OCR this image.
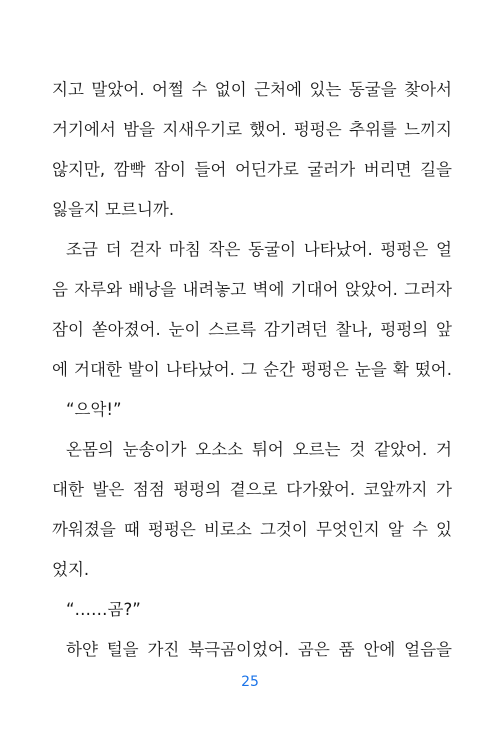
지고 말았어. 어쩔 수 없이 근처에 있는 동굴을 찾아서
거기에서 밤을 지새우기로 했어. 펑펑은 추위를 느끼지
않지만, 깜빡 잠이 들어 어딘가로 굴러가 버리면 길을
잃을지 모르니까.
조금 더 걷자 마침 작은 동굴이 나타났어. 펑펑은 얼
음 자루와 배낭을 내려놓고 벽에 기대어 앉았어. 그러자
잠이 쏟아졌어. 눈이 스르륵 감기려던 찰나, 펑펑의 앞
에 거대한 발이 나타났어. 그 순간 펑펑은 눈을 확 떴어.
“으악!”
온몸의 눈송이가 오소소 튀어 오르는 것 같았어. 거
대한 발은 점점 펑펑의 곁으로 다가왔어. 코앞까지 가
까워졌을 때 펑펑은 비로소 그것이 무엇인지 알 수 있
었지.
“……곰?”
하얀 털을 가진 북극곰이었어. 곰은 품 안에 얼음을
25
